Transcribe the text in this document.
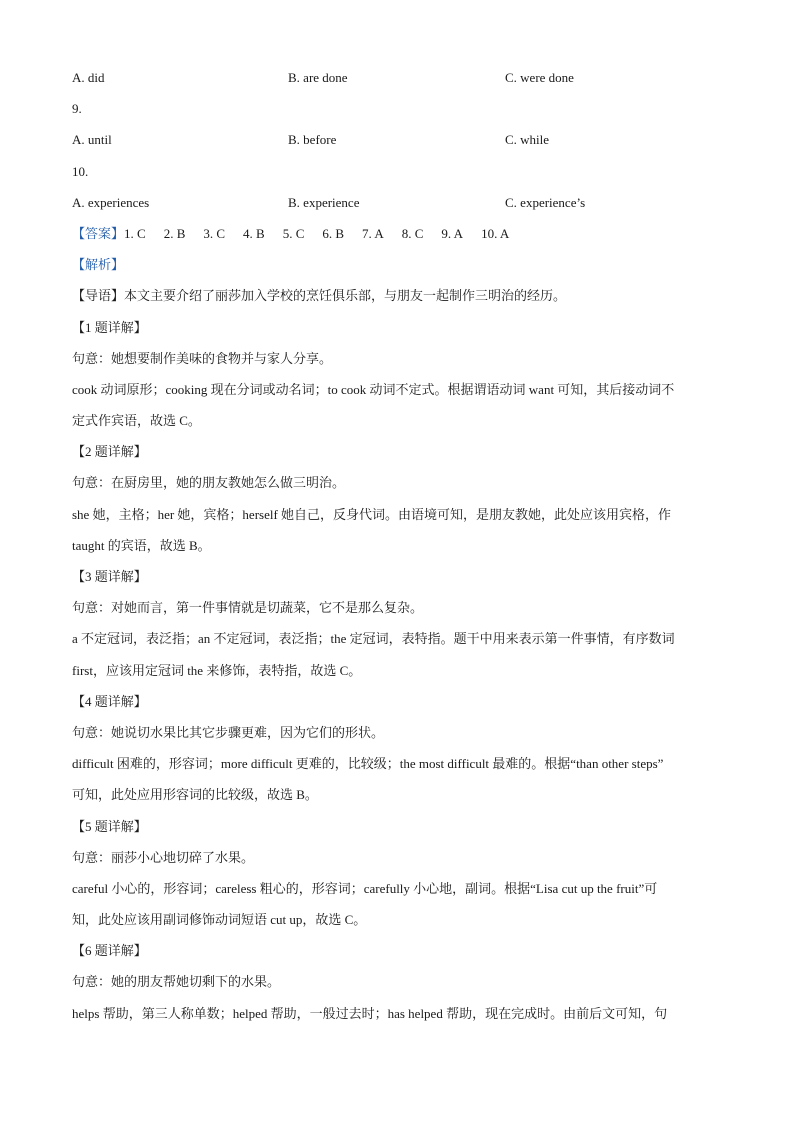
A. did	B. are done	C. were done
9.
A. until	B. before	C. while
10.
A. experiences	B. experience	C. experience’s
【答案】1. C 2. B 3. C 4. B 5. C 6. B 7. A 8. C 9. A 10. A
【解析】
【导语】本文主要介绍了丽莎加入学校的烹饪俱乐部，与朋友一起制作三明治的经历。
【1 题详解】
句意：她想要制作美味的食物并与家人分享。
cook 动词原形；cooking 现在分词或动名词；to cook 动词不定式。根据谓语动词 want 可知，其后接动词不
定式作宾语，故选 C。
【2 题详解】
句意：在厨房里，她的朋友教她怎么做三明治。
she 她，主格；her 她，宾格；herself 她自己，反身代词。由语境可知，是朋友教她，此处应该用宾格，作
taught 的宾语，故选 B。
【3 题详解】
句意：对她而言，第一件事情就是切蔬菜，它不是那么复杂。
a 不定冠词，表泛指；an 不定冠词，表泛指；the 定冠词，表特指。题干中用来表示第一件事情，有序数词
first，应该用定冠词 the 来修饰，表特指，故选 C。
【4 题详解】
句意：她说切水果比其它步骤更难，因为它们的形状。
difficult 困难的，形容词；more difficult 更难的，比较级；the most difficult 最难的。根据“than other steps”
可知，此处应用形容词的比较级，故选 B。
【5 题详解】
句意：丽莎小心地切碎了水果。
careful 小心的，形容词；careless 粗心的，形容词；carefully 小心地，副词。根据“Lisa cut up the fruit”可
知，此处应该用副词修饰动词短语 cut up，故选 C。
【6 题详解】
句意：她的朋友帮她切剩下的水果。
helps 帮助，第三人称单数；helped 帮助，一般过去时；has helped 帮助，现在完成时。由前后文可知，句
